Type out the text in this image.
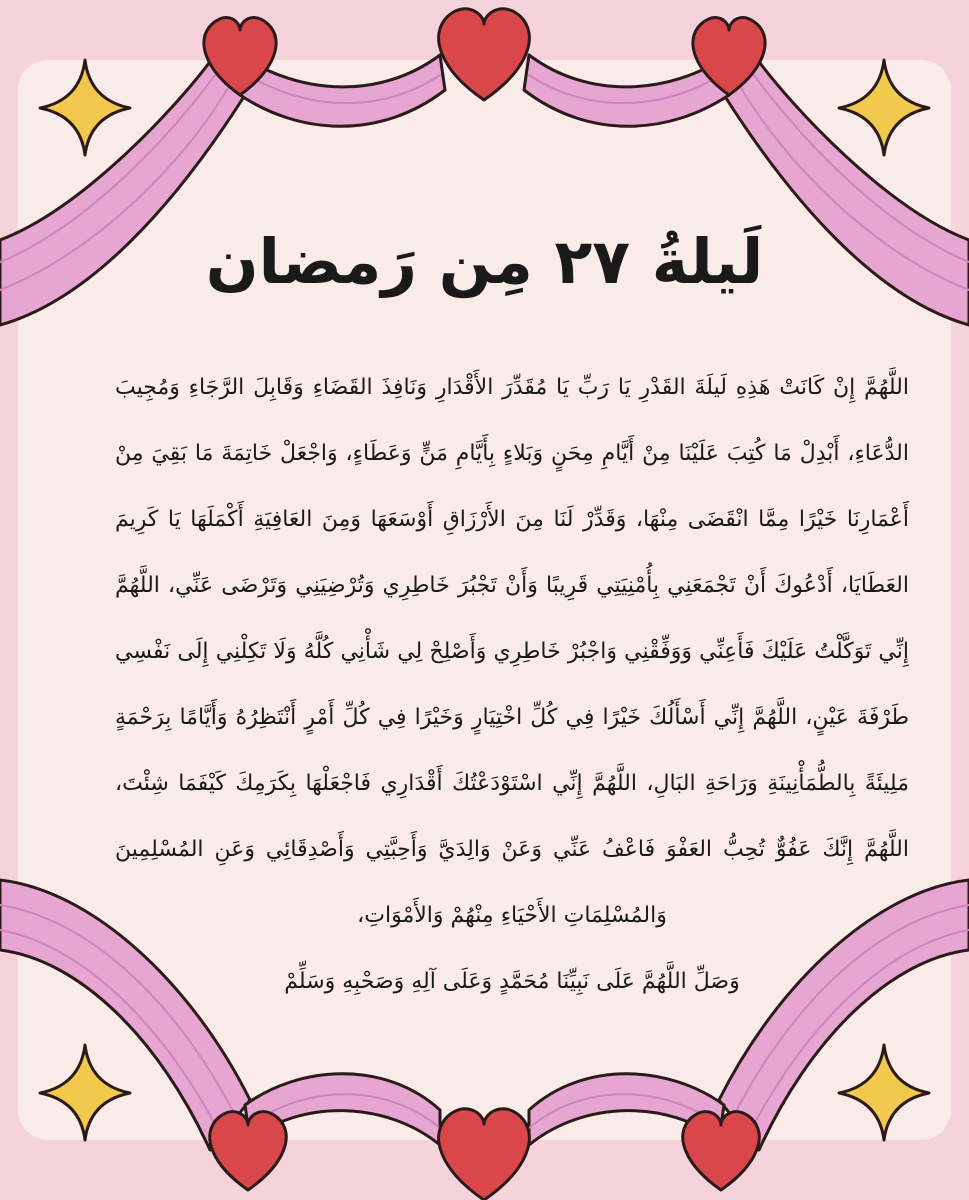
لَيلةُ ٢٧ مِن رَمضان

اللَّهُمَّ إِنْ كَانَتْ هَذِهِ لَيلَةَ القَدْرِ يَا رَبِّ يَا مُقَدِّرَ الأَقْدَارِ وَنَافِذَ القَضَاءِ وَقَابِلَ الرَّجَاءِ وَمُجِيبَ الدُّعَاءِ، أَبْدِلْ مَا كُتِبَ عَلَيْنَا مِنْ أَيَّامِ مِحَنٍ وَبَلاءٍ بِأَيَّامِ مَنٍّ وَعَطَاءٍ، وَاجْعَلْ خَاتِمَةَ مَا بَقِيَ مِنْ أَعْمَارِنَا خَيْرًا مِمَّا انْقَضَى مِنْهَا، وَقَدِّرْ لَنَا مِنَ الأَرْزَاقِ أَوْسَعَهَا وَمِنَ العَافِيَةِ أَكْمَلَهَا يَا كَرِيمَ العَطَايَا، أَدْعُوكَ أَنْ تَجْمَعَنِي بِأُمْنِيَتِي قَرِيبًا وَأَنْ تَجْبُرَ خَاطِرِي وَتُرْضِيَنِي وَتَرْضَى عَنِّي، اللَّهُمَّ إِنِّي تَوَكَّلْتُ عَلَيْكَ فَأَعِنِّي وَوَفِّقْنِي وَاجْبُرْ خَاطِرِي وَأَصْلِحْ لِي شَأْنِي كُلَّهُ وَلَا تَكِلْنِي إِلَى نَفْسِي طَرْفَةَ عَيْنٍ، اللَّهُمَّ إِنِّي أَسْأَلُكَ خَيْرًا فِي كُلِّ اخْتِيَارٍ وَخَيْرًا فِي كُلِّ أَمْرٍ أَنْتَظِرُهُ وَأَيَّامًا بِرَحْمَةٍ مَلِيئَةً بِالطُّمَأْنِينَةِ وَرَاحَةِ البَالِ، اللَّهُمَّ إِنِّي اسْتَوْدَعْتُكَ أَقْدَارِي فَاجْعَلْهَا بِكَرَمِكَ كَيْفَمَا شِئْتَ، اللَّهُمَّ إِنَّكَ عَفُوٌّ تُحِبُّ العَفْوَ فَاعْفُ عَنِّي وَعَنْ وَالِدَيَّ وَأَحِبَّتِي وَأَصْدِقَائِي وَعَنِ المُسْلِمِينَ وَالمُسْلِمَاتِ الأَحْيَاءِ مِنْهُمْ وَالأَمْوَاتِ،

وَصَلِّ اللَّهُمَّ عَلَى نَبِيِّنَا مُحَمَّدٍ وَعَلَى آلِهِ وَصَحْبِهِ وَسَلِّمْ
